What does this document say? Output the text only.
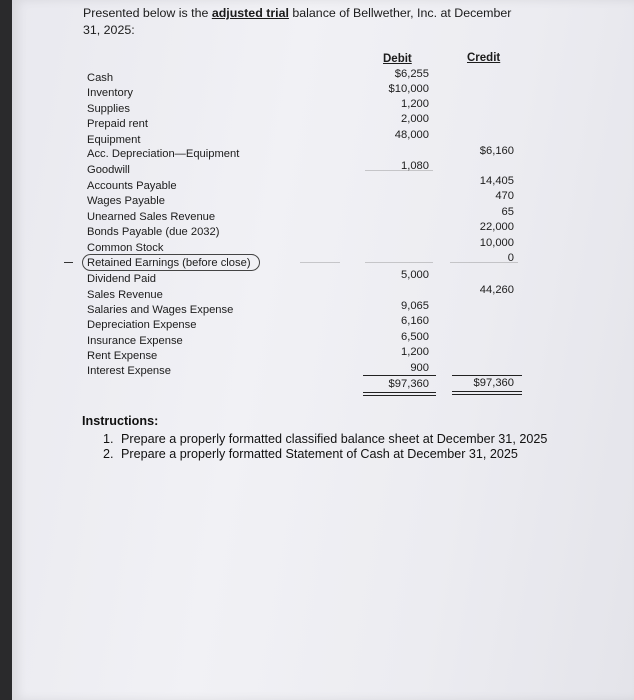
Presented below is the adjusted trial balance of Bellwether, Inc. at December 31, 2025:
Debit	Credit
Cash
Inventory
Supplies
Prepaid rent
Equipment
Acc. Depreciation—Equipment
Goodwill
Accounts Payable
Wages Payable
Unearned Sales Revenue
Bonds Payable (due 2032)
Common Stock
Retained Earnings (before close)
Dividend Paid
Sales Revenue
Salaries and Wages Expense
Depreciation Expense
Insurance Expense
Rent Expense
Interest Expense
$6,255
$10,000
1,200
2,000
48,000
1,080
5,000
9,065
6,160
6,500
1,200
900
$6,160
14,405
470
65
22,000
10,000
0
44,260
$97,360	$97,360
Instructions:
1. Prepare a properly formatted classified balance sheet at December 31, 2025
2. Prepare a properly formatted Statement of Cash at December 31, 2025
